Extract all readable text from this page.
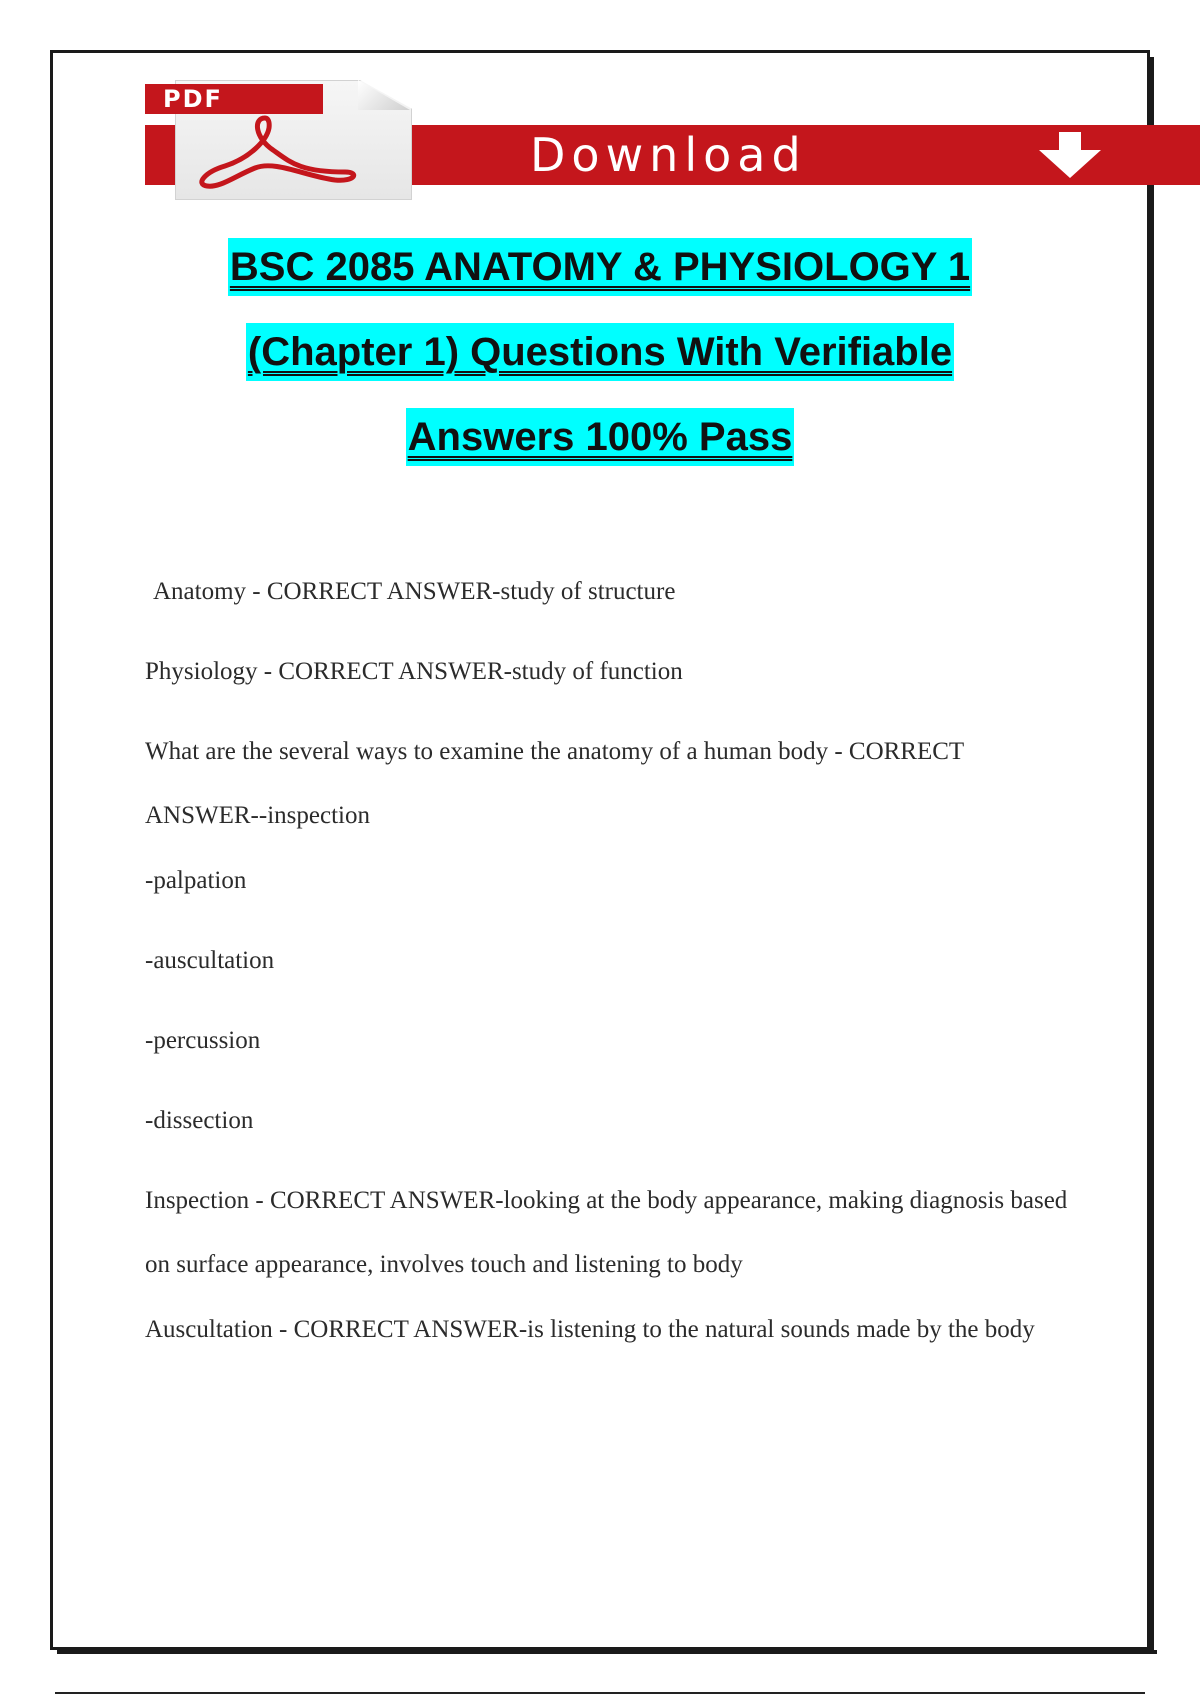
PDF
Download
BSC 2085 ANATOMY & PHYSIOLOGY 1
(Chapter 1) Questions With Verifiable
Answers 100% Pass

Anatomy - CORRECT ANSWER-study of structure

Physiology - CORRECT ANSWER-study of function

What are the several ways to examine the anatomy of a human body - CORRECT ANSWER--inspection

-palpation

-auscultation

-percussion

-dissection

Inspection - CORRECT ANSWER-looking at the body appearance, making diagnosis based on surface appearance, involves touch and listening to body

Auscultation - CORRECT ANSWER-is listening to the natural sounds made by the body
